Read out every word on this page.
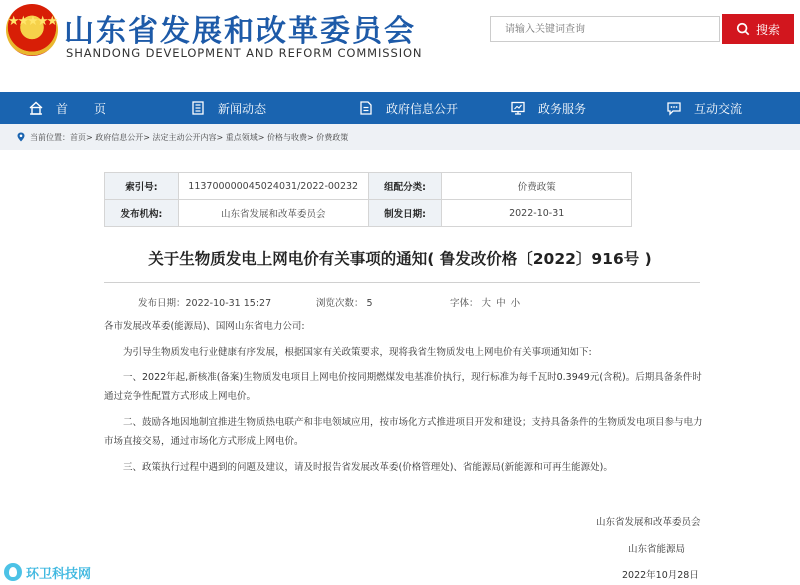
★★★★★ 山东省发展和改革委员会
SHANDONG DEVELOPMENT AND REFORM COMMISSION
请输入关键词查询
搜索
首页	新闻动态	政府信息公开	政务服务	互动交流
当前位置：首页> 政府信息公开> 法定主动公开内容> 重点领域> 价格与收费> 价费政策
索引号:	11370000004502403​1/2022-00232	组配分类:	价费政策
发布机构:	山东省发展和改革委员会	制发日期:	2022-10-31
关于生物质发电上网电价有关事项的通知( 鲁发改价格〔2022〕916号 )
发布日期：2022-10-31 15:27	浏览次数： 5	字体： 大 中 小
各市发展改革委(能源局)、国网山东省电力公司:
为引导生物质发电行业健康有序发展，根据国家有关政策要求，现将我省生物质发电上网电价有关事项通知如下:
一、2022年起,新核准(备案)生物质发电项目上网电价按同期燃煤发电基准价执行，现行标准为每千瓦时0.3949元(含税)。后期具备条件时通过竞争性配置方式形成上网电价。
二、鼓励各地因地制宜推进生物质热电联产和非电领域应用，按市场化方式推进项目开发和建设；支持具备条件的生物质发电项目参与电力市场直接交易，通过市场化方式形成上网电价。
三、政策执行过程中遇到的问题及建议，请及时报告省发展改革委(价格管理处)、省能源局(新能源和可再生能源处)。
山东省发展和改革委员会
山东省能源局
2022年10月28日
环卫科技网
